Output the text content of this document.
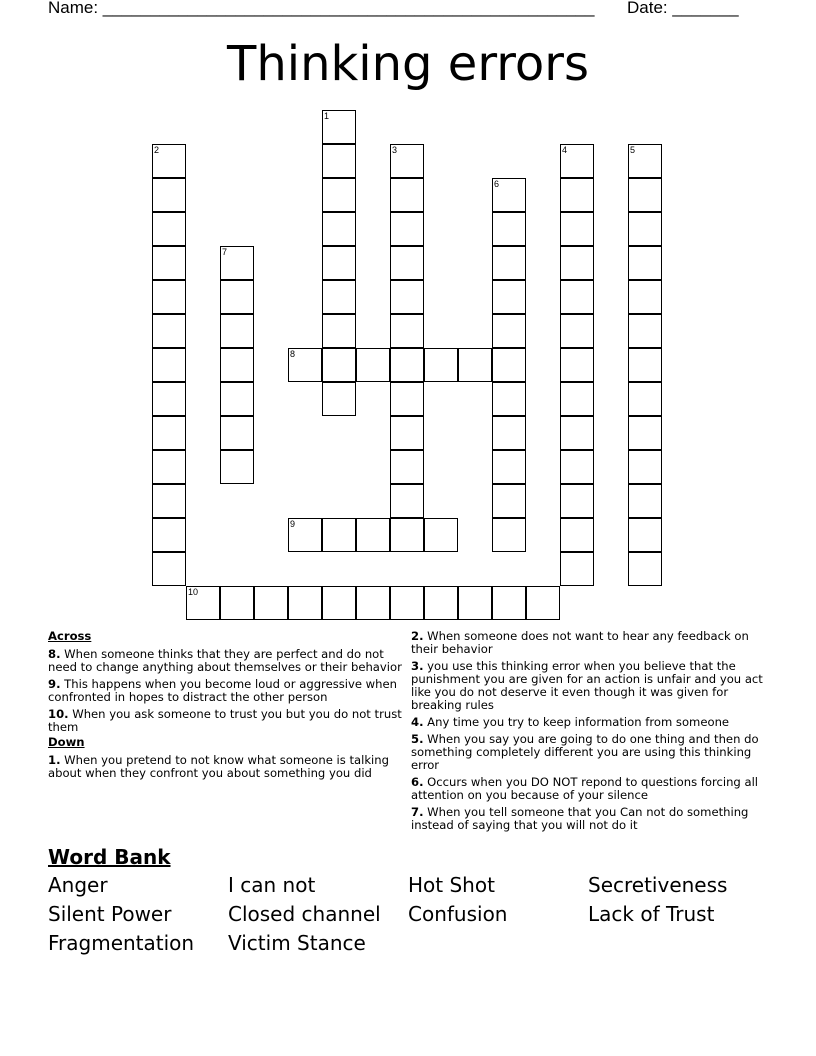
Name: ____________________________________________________ Date: _______
Thinking errors
1
2	3	4	5
6
7
8
9
10
Across
8. When someone thinks that they are perfect and do not need to change anything about themselves or their behavior
9. This happens when you become loud or aggressive when confronted in hopes to distract the other person
10. When you ask someone to trust you but you do not trust them
Down
1. When you pretend to not know what someone is talking about when they confront you about something you did
2. When someone does not want to hear any feedback on their behavior
3. you use this thinking error when you believe that the punishment you are given for an action is unfair and you act like you do not deserve it even though it was given for breaking rules
4. Any time you try to keep information from someone
5. When you say you are going to do one thing and then do something completely different you are using this thinking error
6. Occurs when you DO NOT repond to questions forcing all attention on you because of your silence
7. When you tell someone that you Can not do something instead of saying that you will not do it
Word Bank
Anger	I can not	Hot Shot	Secretiveness
Silent Power	Closed channel	Confusion	Lack of Trust
Fragmentation	Victim Stance
